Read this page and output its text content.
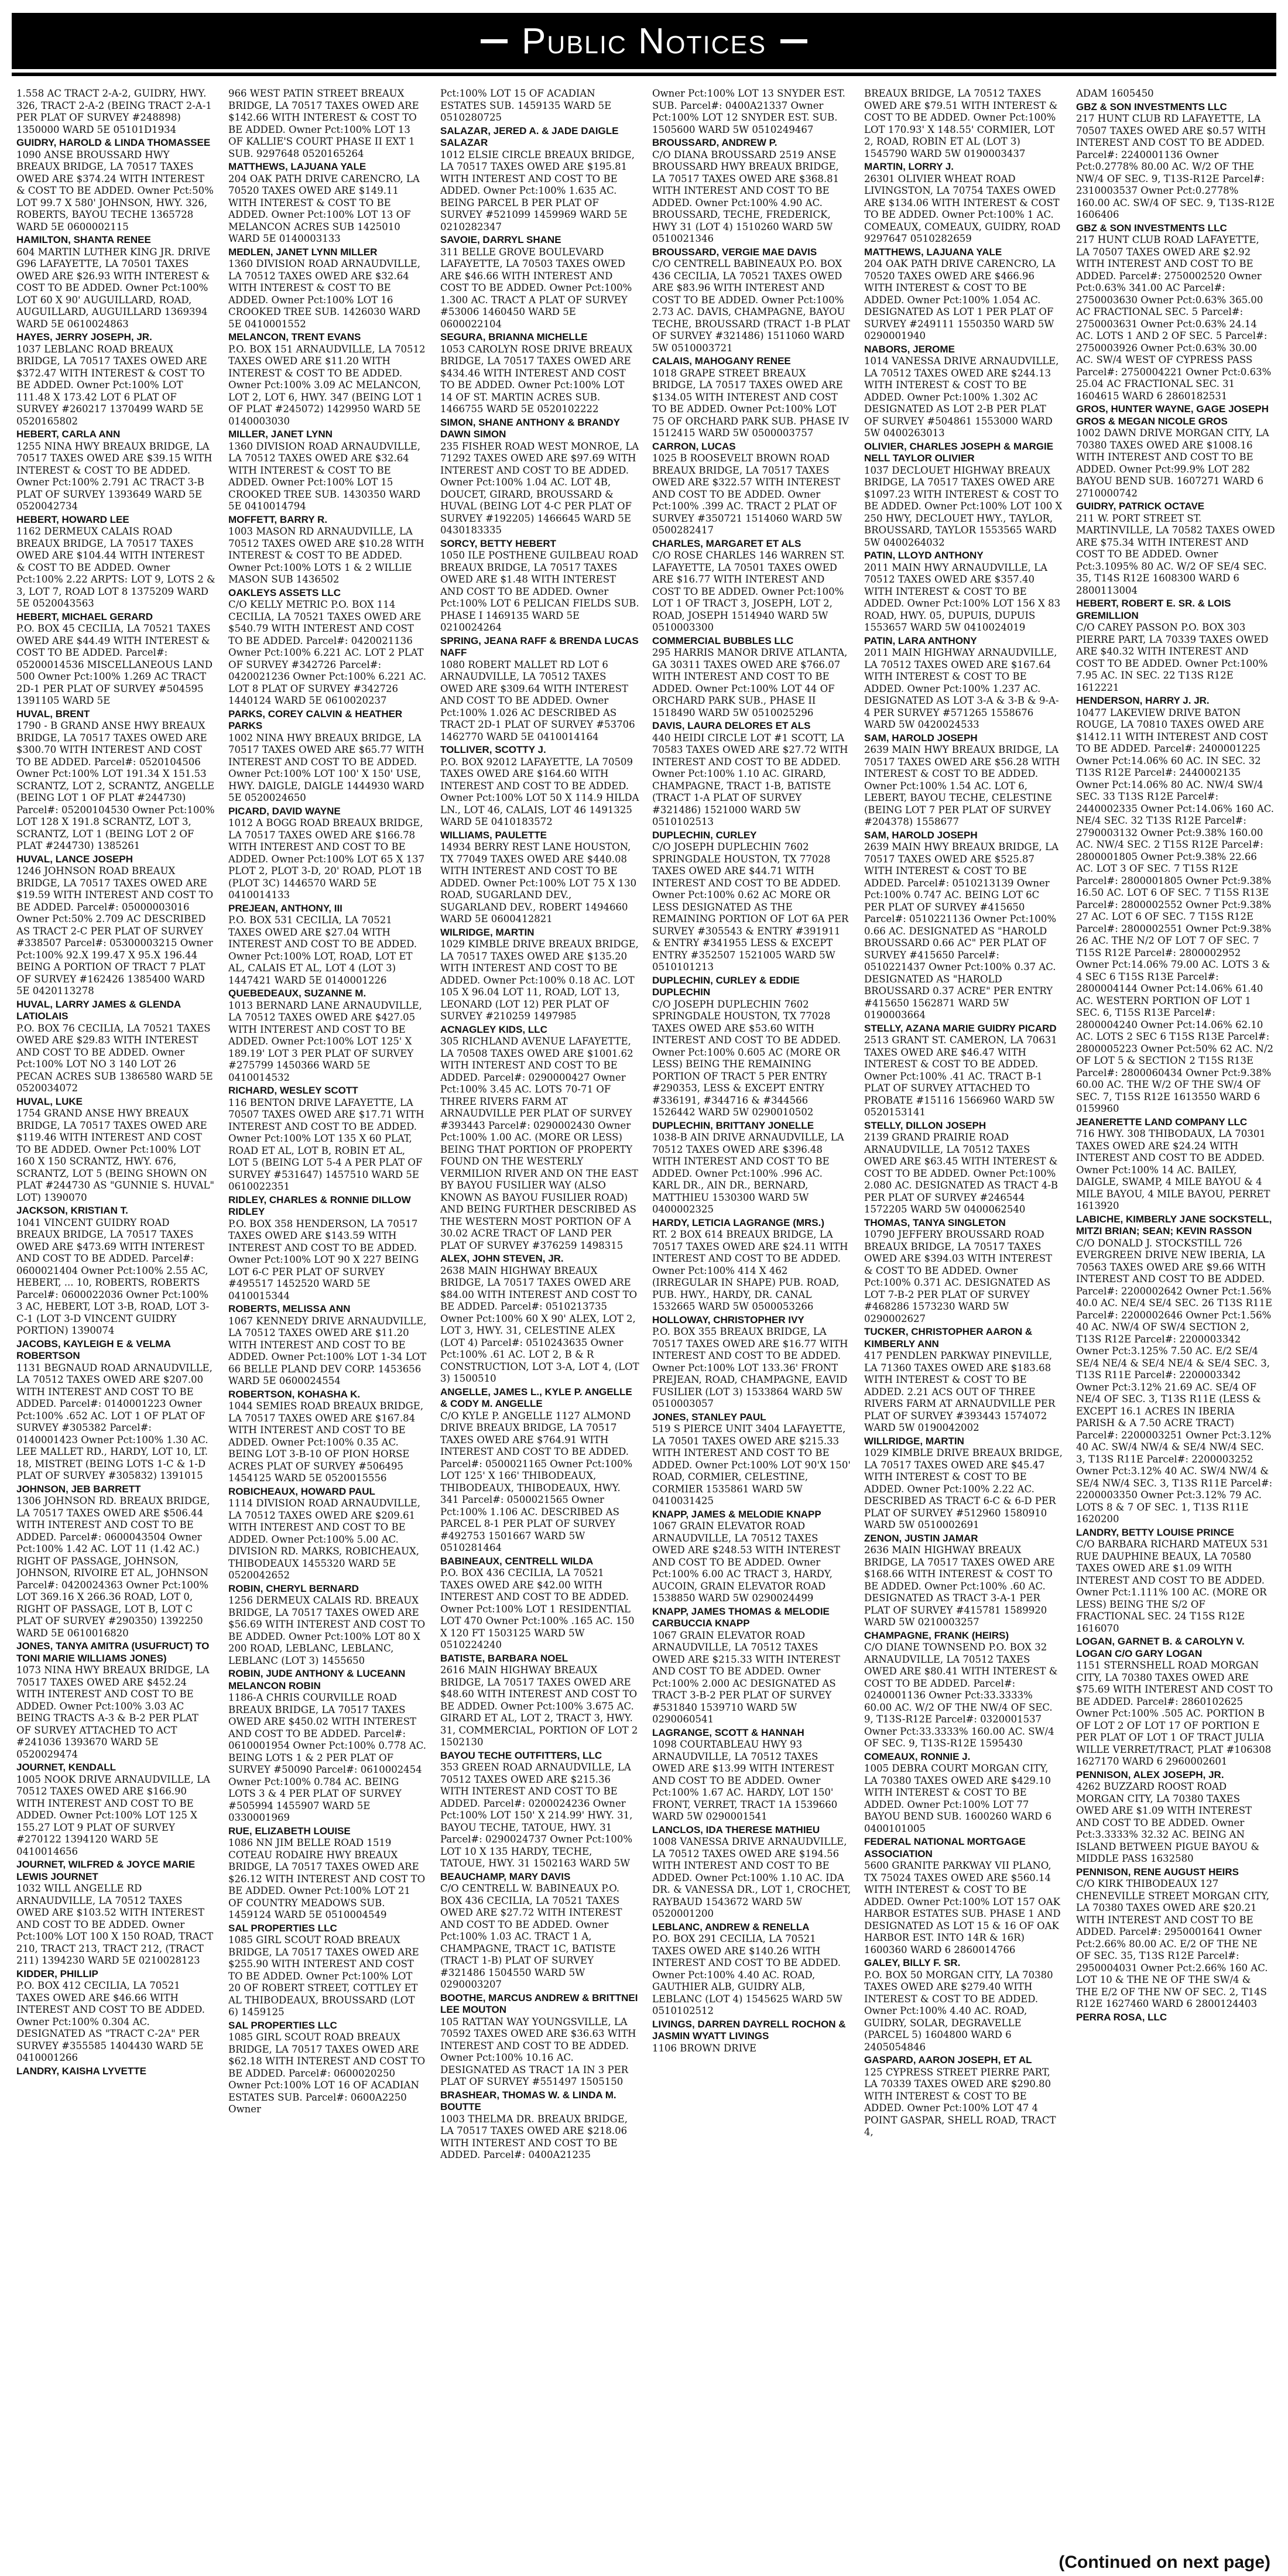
Public Notices
1.558 AC TRACT 2-A-2, GUIDRY, HWY. 326, TRACT 2-A-2 (BEING TRACT 2-A-1 PER PLAT OF SURVEY #248898) 1350000 WARD 5E 05101D1934
GUIDRY, HAROLD & LINDA THOMASSEE
1090 ANSE BROUSSARD HWY BREAUX BRIDGE, LA 70517 TAXES OWED ARE $374.24 WITH INTEREST & COST TO BE ADDED. Owner Pct:50% LOT 99.7 X 580' JOHNSON, HWY. 326, ROBERTS, BAYOU TECHE 1365728 WARD 5E 0600002115
HAMILTON, SHANTA RENEE
604 MARTIN LUTHER KING JR. DRIVE G96 LAFAYETTE, LA 70501 TAXES OWED ARE $26.93 WITH INTEREST & COST TO BE ADDED. Owner Pct:100% LOT 60 X 90' AUGUILLARD, ROAD, AUGUILLARD, AUGUILLARD 1369394 WARD 5E 0610024863
HAYES, JERRY JOSEPH, JR.
1037 LEBLANC ROAD BREAUX BRIDGE, LA 70517 TAXES OWED ARE $372.47 WITH INTEREST & COST TO BE ADDED. Owner Pct:100% LOT 111.48 X 173.42 LOT 6 PLAT OF SURVEY #260217 1370499 WARD 5E 0520165802
HEBERT, CARLA ANN
1255 NINA HWY BREAUX BRIDGE, LA 70517 TAXES OWED ARE $39.15 WITH INTEREST & COST TO BE ADDED. Owner Pct:100% 2.791 AC TRACT 3-B PLAT OF SURVEY 1393649 WARD 5E 0520042734
HEBERT, HOWARD LEE
1162 DERMEUX CALAIS ROAD BREAUX BRIDGE, LA 70517 TAXES OWED ARE $104.44 WITH INTEREST & COST TO BE ADDED. Owner Pct:100% 2.22 ARPTS: LOT 9, LOTS 2 & 3, LOT 7, ROAD LOT 8 1375209 WARD 5E 0520043563
HEBERT, MICHAEL GERARD
P.O. BOX 45 CECILIA, LA 70521 TAXES OWED ARE $44.49 WITH INTEREST & COST TO BE ADDED. Parcel#: 05200014536 MISCELLANEOUS LAND 500 Owner Pct:100% 1.269 AC TRACT 2D-1 PER PLAT OF SURVEY #504595 1391105 WARD 5E
HUVAL, BRENT
1790 - B GRAND ANSE HWY BREAUX BRIDGE, LA 70517 TAXES OWED ARE $300.70 WITH INTEREST AND COST TO BE ADDED. Parcel#: 0520104506 Owner Pct:100% LOT 191.34 X 151.53 SCRANTZ, LOT 2, SCRANTZ, ANGELLE (BEING LOT 1 OF PLAT #244730) Parcel#: 05200104530 Owner Pct:100% LOT 128 X 191.8 SCRANTZ, LOT 3, SCRANTZ, LOT 1 (BEING LOT 2 OF PLAT #244730) 1385261
HUVAL, LANCE JOSEPH
1246 JOHNSON ROAD BREAUX BRIDGE, LA 70517 TAXES OWED ARE $19.59 WITH INTEREST AND COST TO BE ADDED. Parcel#: 05000003016 Owner Pct:50% 2.709 AC DESCRIBED AS TRACT 2-C PER PLAT OF SURVEY #338507 Parcel#: 05300003215 Owner Pct:100% 92.X 199.47 X 95.X 196.44 BEING A PORTION OF TRACT 7 PLAT OF SURVEY #162426 1385400 WARD 5E 0420113278
HUVAL, LARRY JAMES & GLENDA LATIOLAIS
P.O. BOX 76 CECILIA, LA 70521 TAXES OWED ARE $29.83 WITH INTEREST AND COST TO BE ADDED. Owner Pct:100% LOT NO 3 140 LOT 26 PECAN ACRES SUB 1386580 WARD 5E 0520034072
HUVAL, LUKE
1754 GRAND ANSE HWY BREAUX BRIDGE, LA 70517 TAXES OWED ARE $119.46 WITH INTEREST AND COST TO BE ADDED. Owner Pct:100% LOT 160 X 150 SCRANTZ, HWY. 676, SCRANTZ, LOT 5 (BEING SHOWN ON PLAT #244730 AS "GUNNIE S. HUVAL" LOT) 1390070
JACKSON, KRISTIAN T.
1041 VINCENT GUIDRY ROAD BREAUX BRIDGE, LA 70517 TAXES OWED ARE $473.69 WITH INTEREST AND COST TO BE ADDED. Parcel#: 0600021404 Owner Pct:100% 2.55 AC, HEBERT, ... 10, ROBERTS, ROBERTS Parcel#: 0600022036 Owner Pct:100% 3 AC, HEBERT, LOT 3-B, ROAD, LOT 3-C-1 (LOT 3-D VINCENT GUIDRY PORTION) 1390074
JACOBS, KAYLEIGH E & VELMA ROBERTSON
1131 BEGNAUD ROAD ARNAUDVILLE, LA 70512 TAXES OWED ARE $207.00 WITH INTEREST AND COST TO BE ADDED. Parcel#: 0140001223 Owner Pct:100% .652 AC. LOT 1 OF PLAT OF SURVEY #305382 Parcel#: 0140001423 Owner Pct:100% 1.30 AC. LEE MALLET RD., HARDY, LOT 10, LT. 18, MISTRET (BEING LOTS 1-C & 1-D PLAT OF SURVEY #305832) 1391015
JOHNSON, JEB BARRETT
1306 JOHNSON RD. BREAUX BRIDGE, LA 70517 TAXES OWED ARE $506.44 WITH INTEREST AND COST TO BE ADDED. Parcel#: 0600043504 Owner Pct:100% 1.42 AC. LOT 11 (1.42 AC.) RIGHT OF PASSAGE, JOHNSON, JOHNSON, RIVOIRE ET AL, JOHNSON Parcel#: 0420024363 Owner Pct:100% LOT 369.16 X 266.36 ROAD, LOT 0, RIGHT OF PASSAGE, LOT B, LOT C PLAT OF SURVEY #290350) 1392250 WARD 5E 0610016820
JONES, TANYA AMITRA (USUFRUCT) TO TONI MARIE WILLIAMS JONES)
1073 NINA HWY BREAUX BRIDGE, LA 70517 TAXES OWED ARE $452.24 WITH INTEREST AND COST TO BE ADDED. Owner Pct:100% 3.03 AC BEING TRACTS A-3 & B-2 PER PLAT OF SURVEY ATTACHED TO ACT #241036 1393670 WARD 5E 0520029474
JOURNET, KENDALL
1005 NOOK DRIVE ARNAUDVILLE, LA 70512 TAXES OWED ARE $166.90 WITH INTEREST AND COST TO BE ADDED. Owner Pct:100% LOT 125 X 155.27 LOT 9 PLAT OF SURVEY #270122 1394120 WARD 5E 0410014656
JOURNET, WILFRED & JOYCE MARIE LEWIS JOURNET
1032 WILL ANGELLE RD ARNAUDVILLE, LA 70512 TAXES OWED ARE $103.52 WITH INTEREST AND COST TO BE ADDED. Owner Pct:100% LOT 100 X 150 ROAD, TRACT 210, TRACT 213, TRACT 212, (TRACT 211) 1394230 WARD 5E 0210028123
KIDDER, PHILLIP
P.O. BOX 412 CECILIA, LA 70521 TAXES OWED ARE $46.66 WITH INTEREST AND COST TO BE ADDED. Owner Pct:100% 0.304 AC. DESIGNATED AS "TRACT C-2A" PER SURVEY #355585 1404430 WARD 5E 0410001266
LANDRY, KAISHA LYVETTE
966 WEST PATIN STREET BREAUX BRIDGE, LA 70517 TAXES OWED ARE $142.66 WITH INTEREST & COST TO BE ADDED. Owner Pct:100% LOT 13 OF KALLIE'S COURT PHASE II EXT 1 SUB. 9297648 0520165264
MATTHEWS, LAJUANA YALE
204 OAK PATH DRIVE CARENCRO, LA 70520 TAXES OWED ARE $149.11 WITH INTEREST & COST TO BE ADDED. Owner Pct:100% LOT 13 OF MELANCON ACRES SUB 1425010 WARD 5E 0140003133
MEDLEN, JANET LYNN MILLER
1360 DIVISION ROAD ARNAUDVILLE, LA 70512 TAXES OWED ARE $32.64 WITH INTEREST & COST TO BE ADDED. Owner Pct:100% LOT 16 CROOKED TREE SUB. 1426030 WARD 5E 0410001552
MELANCON, TRENT EVANS
P.O. BOX 151 ARNAUDVILLE, LA 70512 TAXES OWED ARE $11.20 WITH INTEREST & COST TO BE ADDED. Owner Pct:100% 3.09 AC MELANCON, LOT 2, LOT 6, HWY. 347 (BEING LOT 1 OF PLAT #245072) 1429950 WARD 5E 0140003030
MILLER, JANET LYNN
1360 DIVISION ROAD ARNAUDVILLE, LA 70512 TAXES OWED ARE $32.64 WITH INTEREST & COST TO BE ADDED. Owner Pct:100% LOT 15 CROOKED TREE SUB. 1430350 WARD 5E 0410014794
MOFFETT, BARRY R.
1003 MASON RD ARNAUDVILLE, LA 70512 TAXES OWED ARE $10.28 WITH INTEREST & COST TO BE ADDED. Owner Pct:100% LOTS 1 & 2 WILLIE MASON SUB 1436502
OAKLEYS ASSETS LLC
C/O KELLY METRIC P.O. BOX 114 CECILIA, LA 70521 TAXES OWED ARE $540.79 WITH INTEREST AND COST TO BE ADDED. Parcel#: 0420021136 Owner Pct:100% 6.221 AC. LOT 2 PLAT OF SURVEY #342726 Parcel#: 0420021236 Owner Pct:100% 6.221 AC. LOT 8 PLAT OF SURVEY #342726 1440124 WARD 5E 0610020237
PARKS, COREY CALVIN & HEATHER PARKS
1002 NINA HWY BREAUX BRIDGE, LA 70517 TAXES OWED ARE $65.77 WITH INTEREST AND COST TO BE ADDED. Owner Pct:100% LOT 100' X 150' USE, HWY. DAIGLE, DAIGLE 1444930 WARD 5E 0520024650
PICARD, DAVID WAYNE
1012 A BOGG ROAD BREAUX BRIDGE, LA 70517 TAXES OWED ARE $166.78 WITH INTEREST AND COST TO BE ADDED. Owner Pct:100% LOT 65 X 137 PLOT 2, PLOT 3-D, 20' ROAD, PLOT 1B (PLOT 3C) 1446570 WARD 5E 0410014133
PREJEAN, ANTHONY, III
P.O. BOX 531 CECILIA, LA 70521 TAXES OWED ARE $27.04 WITH INTEREST AND COST TO BE ADDED. Owner Pct:100% LOT, ROAD, LOT ET AL, CALAIS ET AL, LOT 4 (LOT 3) 1447421 WARD 5E 0140001226
QUEBEDEAUX, SUZANNE M.
1013 BERNARD LANE ARNAUDVILLE, LA 70512 TAXES OWED ARE $427.05 WITH INTEREST AND COST TO BE ADDED. Owner Pct:100% LOT 125' X 189.19' LOT 3 PER PLAT OF SURVEY #275799 1450366 WARD 5E 0410014532
RICHARD, WESLEY SCOTT
116 BENTON DRIVE LAFAYETTE, LA 70507 TAXES OWED ARE $17.71 WITH INTEREST AND COST TO BE ADDED. Owner Pct:100% LOT 135 X 60 PLAT, ROAD ET AL, LOT B, ROBIN ET AL, LOT 5 (BEING LOT 5-4 A PER PLAT OF SURVEY #531647) 1457510 WARD 5E 0610022351
RIDLEY, CHARLES & RONNIE DILLOW RIDLEY
P.O. BOX 358 HENDERSON, LA 70517 TAXES OWED ARE $143.59 WITH INTEREST AND COST TO BE ADDED. Owner Pct:100% LOT 90 X 227 BEING LOT 6-C PER PLAT OF SURVEY #495517 1452520 WARD 5E 0410015344
ROBERTS, MELISSA ANN
1067 KENNEDY DRIVE ARNAUDVILLE, LA 70512 TAXES OWED ARE $11.20 WITH INTEREST AND COST TO BE ADDED. Owner Pct:100% LOT 1-34 LOT 66 BELLE PLAND DEV CORP. 1453656 WARD 5E 0600024554
ROBERTSON, KOHASHA K.
1044 SEMIES ROAD BREAUX BRIDGE, LA 70517 TAXES OWED ARE $167.84 WITH INTEREST AND COST TO BE ADDED. Owner Pct:100% 0.35 AC. BEING LOT 3-B-10 OF PION HORSE ACRES PLAT OF SURVEY #506495 1454125 WARD 5E 0520015556
ROBICHEAUX, HOWARD PAUL
1114 DIVISION ROAD ARNAUDVILLE, LA 70512 TAXES OWED ARE $209.61 WITH INTEREST AND COST TO BE ADDED. Owner Pct:100% 5.00 AC. DIVISION RD. MARKS, ROBICHEAUX, THIBODEAUX 1455320 WARD 5E 0520042652
ROBIN, CHERYL BERNARD
1256 DERMEUX CALAIS RD. BREAUX BRIDGE, LA 70517 TAXES OWED ARE $56.69 WITH INTEREST AND COST TO BE ADDED. Owner Pct:100% LOT 80 X 200 ROAD, LEBLANC, LEBLANC, LEBLANC (LOT 3) 1455650
ROBIN, JUDE ANTHONY & LUCEANN MELANCON ROBIN
1186-A CHRIS COURVILLE ROAD BREAUX BRIDGE, LA 70517 TAXES OWED ARE $450.02 WITH INTEREST AND COST TO BE ADDED. Parcel#: 0610001954 Owner Pct:100% 0.778 AC. BEING LOTS 1 & 2 PER PLAT OF SURVEY #50090 Parcel#: 0610002454 Owner Pct:100% 0.784 AC. BEING LOTS 3 & 4 PER PLAT OF SURVEY #505994 1455907 WARD 5E 0330001969
RUE, ELIZABETH LOUISE
1086 NN JIM BELLE ROAD 1519 COTEAU RODAIRE HWY BREAUX BRIDGE, LA 70517 TAXES OWED ARE $26.12 WITH INTEREST AND COST TO BE ADDED. Owner Pct:100% LOT 21 OF COUNTRY MEADOWS SUB. 1459124 WARD 5E 0510004549
SAL PROPERTIES LLC
1085 GIRL SCOUT ROAD BREAUX BRIDGE, LA 70517 TAXES OWED ARE $255.90 WITH INTEREST AND COST TO BE ADDED. Owner Pct:100% LOT 20 OF ROBERT STREET, COTTLEY ET AL THIBODEAUX, BROUSSARD (LOT 6) 1459125
SAL PROPERTIES LLC
1085 GIRL SCOUT ROAD BREAUX BRIDGE, LA 70517 TAXES OWED ARE $62.18 WITH INTEREST AND COST TO BE ADDED. Parcel#: 0600020250 Owner Pct:100% LOT 16 OF ACADIAN ESTATES SUB. Parcel#: 0600A2250 Owner
Pct:100% LOT 15 OF ACADIAN ESTATES SUB. 1459135 WARD 5E 0510280725
SALAZAR, JERED A. & JADE DAIGLE SALAZAR
1012 ELSIE CIRCLE BREAUX BRIDGE, LA 70517 TAXES OWED ARE $195.81 WITH INTEREST AND COST TO BE ADDED. Owner Pct:100% 1.635 AC. BEING PARCEL B PER PLAT OF SURVEY #521099 1459969 WARD 5E 0210282347
SAVOIE, DARRYL SHANE
311 BELLE GROVE BOULEVARD LAFAYETTE, LA 70503 TAXES OWED ARE $46.66 WITH INTEREST AND COST TO BE ADDED. Owner Pct:100% 1.300 AC. TRACT A PLAT OF SURVEY #53006 1460450 WARD 5E 0600022104
SEGURA, BRIANNA MICHELLE
1053 CAROLYN ROSE DRIVE BREAUX BRIDGE, LA 70517 TAXES OWED ARE $434.46 WITH INTEREST AND COST TO BE ADDED. Owner Pct:100% LOT 14 OF ST. MARTIN ACRES SUB. 1466755 WARD 5E 0520102222
SIMON, SHANE ANTHONY & BRANDY DAWN SIMON
235 FISHER ROAD WEST MONROE, LA 71292 TAXES OWED ARE $97.69 WITH INTEREST AND COST TO BE ADDED. Owner Pct:100% 1.04 AC. LOT 4B, DOUCET, GIRARD, BROUSSARD & HUVAL (BEING LOT 4-C PER PLAT OF SURVEY #192205) 1466645 WARD 5E 0430183335
SORCY, BETTY HEBERT
1050 ILE POSTHENE GUILBEAU ROAD BREAUX BRIDGE, LA 70517 TAXES OWED ARE $1.48 WITH INTEREST AND COST TO BE ADDED. Owner Pct:100% LOT 6 PELICAN FIELDS SUB. PHASE I 1469135 WARD 5E 0210024264
SPRING, JEANA RAFF & BRENDA LUCAS NAFF
1080 ROBERT MALLET RD LOT 6 ARNAUDVILLE, LA 70512 TAXES OWED ARE $309.64 WITH INTEREST AND COST TO BE ADDED. Owner Pct:100% 1.026 AC DESCRIBED AS TRACT 2D-1 PLAT OF SURVEY #53706 1462770 WARD 5E 0410014164
TOLLIVER, SCOTTY J.
P.O. BOX 92012 LAFAYETTE, LA 70509 TAXES OWED ARE $164.60 WITH INTEREST AND COST TO BE ADDED. Owner Pct:100% LOT 50 X 114.9 HILDA LN., LOT 46, CALAIS, LOT 46 1491325 WARD 5E 0410183572
WILLIAMS, PAULETTE
14934 BERRY REST LANE HOUSTON, TX 77049 TAXES OWED ARE $440.08 WITH INTEREST AND COST TO BE ADDED. Owner Pct:100% LOT 75 X 130 ROAD, SUGARLAND DEV., SUGARLAND DEV., ROBERT 1494660 WARD 5E 0600412821
WILRIDGE, MARTIN
1029 KIMBLE DRIVE BREAUX BRIDGE, LA 70517 TAXES OWED ARE $135.20 WITH INTEREST AND COST TO BE ADDED. Owner Pct:100% 0.18 AC. LOT 105 X 96.04 LOT 11, ROAD, LOT 13, LEONARD (LOT 12) PER PLAT OF SURVEY #210259 1497985
ACNAGLEY KIDS, LLC
305 RICHLAND AVENUE LAFAYETTE, LA 70508 TAXES OWED ARE $1001.62 WITH INTEREST AND COST TO BE ADDED. Parcel#: 0290000427 Owner Pct:100% 3.45 AC. LOTS 70-71 OF THREE RIVERS FARM AT ARNAUDVILLE PER PLAT OF SURVEY #393443 Parcel#: 0290002430 Owner Pct:100% 1.00 AC. (MORE OR LESS) BEING THAT PORTION OF PROPERTY FOUND ON THE WESTERLY VERMILION RIVER AND ON THE EAST BY BAYOU FUSILIER WAY (ALSO KNOWN AS BAYOU FUSILIER ROAD) AND BEING FURTHER DESCRIBED AS THE WESTERN MOST PORTION OF A 30.02 ACRE TRACT OF LAND PER PLAT OF SURVEY #376259 1498315
ALEX, JOHN STEVEN, JR.
2638 MAIN HIGHWAY BREAUX BRIDGE, LA 70517 TAXES OWED ARE $84.00 WITH INTEREST AND COST TO BE ADDED. Parcel#: 0510213735 Owner Pct:100% 60 X 90' ALEX, LOT 2, LOT 3, HWY. 31, CELESTINE ALEX (LOT 4) Parcel#: 0510243635 Owner Pct:100% .61 AC. LOT 2, B & R CONSTRUCTION, LOT 3-A, LOT 4, (LOT 3) 1500510
ANGELLE, JAMES L., KYLE P. ANGELLE & CODY M. ANGELLE
C/O KYLE P. ANGELLE 1127 ALMOND DRIVE BREAUX BRIDGE, LA 70517 TAXES OWED ARE $764.91 WITH INTEREST AND COST TO BE ADDED. Parcel#: 0500021165 Owner Pct:100% LOT 125' X 166' THIBODEAUX, THIBODEAUX, THIBODEAUX, HWY. 341 Parcel#: 0500021565 Owner Pct:100% 1.106 AC. DESCRIBED AS PARCEL 8-1 PER PLAT OF SURVEY #492753 1501667 WARD 5W 0510281464
BABINEAUX, CENTRELL WILDA
P.O. BOX 436 CECILIA, LA 70521 TAXES OWED ARE $42.00 WITH INTEREST AND COST TO BE ADDED. Owner Pct:100% LOT 1 RESIDENTIAL LOT 470 Owner Pct:100% .165 AC. 150 X 120 FT 1503125 WARD 5W 0510224240
BATISTE, BARBARA NOEL
2616 MAIN HIGHWAY BREAUX BRIDGE, LA 70517 TAXES OWED ARE $48.60 WITH INTEREST AND COST TO BE ADDED. Owner Pct:100% 3.675 AC. GIRARD ET AL, LOT 2, TRACT 3, HWY. 31, COMMERCIAL, PORTION OF LOT 2 1502130
BAYOU TECHE OUTFITTERS, LLC
353 GREEN ROAD ARNAUDVILLE, LA 70512 TAXES OWED ARE $215.36 WITH INTEREST AND COST TO BE ADDED. Parcel#: 0200024236 Owner Pct:100% LOT 150' X 214.99' HWY. 31, BAYOU TECHE, TATOUE, HWY. 31 Parcel#: 0290024737 Owner Pct:100% LOT 10 X 135 HARDY, TECHE, TATOUE, HWY. 31 1502163 WARD 5W
BEAUCHAMP, MARY DAVIS
C/O CENTRELL W. BABINEAUX P.O. BOX 436 CECILIA, LA 70521 TAXES OWED ARE $27.72 WITH INTEREST AND COST TO BE ADDED. Owner Pct:100% 1.03 AC. TRACT 1 A, CHAMPAGNE, TRACT 1C, BATISTE (TRACT 1-B) PLAT OF SURVEY #321486 1504550 WARD 5W 0290003207
BOOTHE, MARCUS ANDREW & BRITTNEI LEE MOUTON
105 RATTAN WAY YOUNGSVILLE, LA 70592 TAXES OWED ARE $36.63 WITH INTEREST AND COST TO BE ADDED. Owner Pct:100% 10.16 AC. DESIGNATED AS TRACT 1A IN 3 PER PLAT OF SURVEY #551497 1505150
BRASHEAR, THOMAS W. & LINDA M. BOUTTE
1003 THELMA DR. BREAUX BRIDGE, LA 70517 TAXES OWED ARE $218.06 WITH INTEREST AND COST TO BE ADDED. Parcel#: 0400A21235
Owner Pct:100% LOT 13 SNYDER EST. SUB. Parcel#: 0400A21337 Owner Pct:100% LOT 12 SNYDER EST. SUB. 1505600 WARD 5W 0510249467
BROUSSARD, ANDREW P.
C/O DIANA BROUSSARD 2519 ANSE BROUSSARD HWY BREAUX BRIDGE, LA 70517 TAXES OWED ARE $368.81 WITH INTEREST AND COST TO BE ADDED. Owner Pct:100% 4.90 AC. BROUSSARD, TECHE, FREDERICK, HWY 31 (LOT 4) 1510260 WARD 5W 0510021346
BROUSSARD, VERGIE MAE DAVIS
C/O CENTRELL BABINEAUX P.O. BOX 436 CECILIA, LA 70521 TAXES OWED ARE $83.96 WITH INTEREST AND COST TO BE ADDED. Owner Pct:100% 2.73 AC. DAVIS, CHAMPAGNE, BAYOU TECHE, BROUSSARD (TRACT 1-B PLAT OF SURVEY #321486) 1511060 WARD 5W 0510003721
CALAIS, MAHOGANY RENEE
1018 GRAPE STREET BREAUX BRIDGE, LA 70517 TAXES OWED ARE $134.05 WITH INTEREST AND COST TO BE ADDED. Owner Pct:100% LOT 75 OF ORCHARD PARK SUB. PHASE IV 1512415 WARD 5W 0500003757
CARRON, LUCAS
1025 B ROOSEVELT BROWN ROAD BREAUX BRIDGE, LA 70517 TAXES OWED ARE $322.57 WITH INTEREST AND COST TO BE ADDED. Owner Pct:100% .399 AC. TRACT 2 PLAT OF SURVEY #350721 1514060 WARD 5W 0500282417
CHARLES, MARGARET ET ALS
C/O ROSE CHARLES 146 WARREN ST. LAFAYETTE, LA 70501 TAXES OWED ARE $16.77 WITH INTEREST AND COST TO BE ADDED. Owner Pct:100% LOT 1 OF TRACT 3, JOSEPH, LOT 2, ROAD, JOSEPH 1514940 WARD 5W 0510003300
COMMERCIAL BUBBLES LLC
295 HARRIS MANOR DRIVE ATLANTA, GA 30311 TAXES OWED ARE $766.07 WITH INTEREST AND COST TO BE ADDED. Owner Pct:100% LOT 44 OF ORCHARD PARK SUB., PHASE II 1518490 WARD 5W 0510025296
DAVIS, LAURA DELORES ET ALS
440 HEIDI CIRCLE LOT #1 SCOTT, LA 70583 TAXES OWED ARE $27.72 WITH INTEREST AND COST TO BE ADDED. Owner Pct:100% 1.10 AC. GIRARD, CHAMPAGNE, TRACT 1-B, BATISTE (TRACT 1-A PLAT OF SURVEY #321486) 1521000 WARD 5W 0510102513
DUPLECHIN, CURLEY
C/O JOSEPH DUPLECHIN 7602 SPRINGDALE HOUSTON, TX 77028 TAXES OWED ARE $44.71 WITH INTEREST AND COST TO BE ADDED. Owner Pct:100% 0.62 AC MORE OR LESS DESIGNATED AS THE REMAINING PORTION OF LOT 6A PER SURVEY #305543 & ENTRY #391911 & ENTRY #341955 LESS & EXCEPT ENTRY #352507 1521005 WARD 5W 0510101213
DUPLECHIN, CURLEY & EDDIE DUPLECHIN
C/O JOSEPH DUPLECHIN 7602 SPRINGDALE HOUSTON, TX 77028 TAXES OWED ARE $53.60 WITH INTEREST AND COST TO BE ADDED. Owner Pct:100% 0.605 AC (MORE OR LESS) BEING THE REMAINING PORTION OF TRACT 5 PER ENTRY #290353, LESS & EXCEPT ENTRY #336191, #344716 & #344566 1526442 WARD 5W 0290010502
DUPLECHIN, BRITTANY JONELLE
1038-B AIN DRIVE ARNAUDVILLE, LA 70512 TAXES OWED ARE $396.48 WITH INTEREST AND COST TO BE ADDED. Owner Pct:100% .996 AC. KARL DR., AIN DR., BERNARD, MATTHIEU 1530300 WARD 5W 0400002325
HARDY, LETICIA LAGRANGE (MRS.)
RT. 2 BOX 614 BREAUX BRIDGE, LA 70517 TAXES OWED ARE $24.11 WITH INTEREST AND COST TO BE ADDED. Owner Pct:100% 414 X 462 (IRREGULAR IN SHAPE) PUB. ROAD, PUB. HWY., HARDY, DR. CANAL 1532665 WARD 5W 0500053266
HOLLOWAY, CHRISTOPHER IVY
P.O. BOX 355 BREAUX BRIDGE, LA 70517 TAXES OWED ARE $16.77 WITH INTEREST AND COST TO BE ADDED. Owner Pct:100% LOT 133.36' FRONT PREJEAN, ROAD, CHAMPAGNE, EAVID FUSILIER (LOT 3) 1533864 WARD 5W 0510003057
JONES, STANLEY PAUL
519 S PIERCE UNIT 3404 LAFAYETTE, LA 70501 TAXES OWED ARE $215.33 WITH INTEREST AND COST TO BE ADDED. Owner Pct:100% LOT 90'X 150' ROAD, CORMIER, CELESTINE, CORMIER 1535861 WARD 5W 0410031425
KNAPP, JAMES & MELODIE KNAPP
1067 GRAIN ELEVATOR ROAD ARNAUDVILLE, LA 70512 TAXES OWED ARE $248.53 WITH INTEREST AND COST TO BE ADDED. Owner Pct:100% 6.00 AC TRACT 3, HARDY, AUCOIN, GRAIN ELEVATOR ROAD 1538850 WARD 5W 0290024499
KNAPP, JAMES THOMAS & MELODIE CARBUCCIA KNAPP
1067 GRAIN ELEVATOR ROAD ARNAUDVILLE, LA 70512 TAXES OWED ARE $215.33 WITH INTEREST AND COST TO BE ADDED. Owner Pct:100% 2.000 AC DESIGNATED AS TRACT 3-B-2 PER PLAT OF SURVEY #531840 1539710 WARD 5W 0290060541
LAGRANGE, SCOTT & HANNAH
1098 COURTABLEAU HWY 93 ARNAUDVILLE, LA 70512 TAXES OWED ARE $13.99 WITH INTEREST AND COST TO BE ADDED. Owner Pct:100% 1.67 AC. HARDY, LOT 150' FRONT, VERRET, TRACT 1A 1539660 WARD 5W 0290001541
LANCLOS, IDA THERESE MATHIEU
1008 VANESSA DRIVE ARNAUDVILLE, LA 70512 TAXES OWED ARE $194.56 WITH INTEREST AND COST TO BE ADDED. Owner Pct:100% 1.10 AC. IDA DR. & VANESSA DR., LOT 1, CROCHET, RAYBAUD 1543672 WARD 5W 0520001200
LEBLANC, ANDREW & RENELLA
P.O. BOX 291 CECILIA, LA 70521 TAXES OWED ARE $140.26 WITH INTEREST AND COST TO BE ADDED. Owner Pct:100% 4.40 AC. ROAD, GAUTHIER ALB, GUIDRY ALB, LEBLANC (LOT 4) 1545625 WARD 5W 0510102512
LIVINGS, DARREN DAYRELL ROCHON & JASMIN WYATT LIVINGS
1106 BROWN DRIVE
BREAUX BRIDGE, LA 70512 TAXES OWED ARE $79.51 WITH INTEREST & COST TO BE ADDED. Owner Pct:100% LOT 170.93' X 148.55' CORMIER, LOT 2, ROAD, ROBIN ET AL (LOT 3) 1545790 WARD 5W 0190003437
MARTIN, LORRY J.
26301 OLIVIER WHEAT ROAD LIVINGSTON, LA 70754 TAXES OWED ARE $134.06 WITH INTEREST & COST TO BE ADDED. Owner Pct:100% 1 AC. COMEAUX, COMEAUX, GUIDRY, ROAD 9297647 0510282659
MATTHEWS, LAJUANA YALE
204 OAK PATH DRIVE CARENCRO, LA 70520 TAXES OWED ARE $466.96 WITH INTEREST & COST TO BE ADDED. Owner Pct:100% 1.054 AC. DESIGNATED AS LOT 1 PER PLAT OF SURVEY #249111 1550350 WARD 5W 0290001940
NABORS, JEROME
1014 VANESSA DRIVE ARNAUDVILLE, LA 70512 TAXES OWED ARE $244.13 WITH INTEREST & COST TO BE ADDED. Owner Pct:100% 1.302 AC DESIGNATED AS LOT 2-B PER PLAT OF SURVEY #504861 1553000 WARD 5W 0400263013
OLIVIER, CHARLES JOSEPH & MARGIE NELL TAYLOR OLIVIER
1037 DECLOUET HIGHWAY BREAUX BRIDGE, LA 70517 TAXES OWED ARE $1097.23 WITH INTEREST & COST TO BE ADDED. Owner Pct:100% LOT 100 X 250 HWY, DECLOUET HWY., TAYLOR, BROUSSARD, TAYLOR 1553565 WARD 5W 0400264032
PATIN, LLOYD ANTHONY
2011 MAIN HWY ARNAUDVILLE, LA 70512 TAXES OWED ARE $357.40 WITH INTEREST & COST TO BE ADDED. Owner Pct:100% LOT 156 X 83 ROAD, HWY. 05, DUPUIS, DUPUIS 1553657 WARD 5W 0410024019
PATIN, LARA ANTHONY
2011 MAIN HIGHWAY ARNAUDVILLE, LA 70512 TAXES OWED ARE $167.64 WITH INTEREST & COST TO BE ADDED. Owner Pct:100% 1.237 AC. DESIGNATED AS LOT 3-A & 3-B & 9-A-4 PER SURVEY #571265 1558676 WARD 5W 0420024533
SAM, HAROLD JOSEPH
2639 MAIN HWY BREAUX BRIDGE, LA 70517 TAXES OWED ARE $56.28 WITH INTEREST & COST TO BE ADDED. Owner Pct:100% 1.54 AC. LOT 6, LEBERT, BAYOU TECHE, CELESTINE (BEING LOT 7 PER PLAT OF SURVEY #204378) 1558677
SAM, HAROLD JOSEPH
2639 MAIN HWY BREAUX BRIDGE, LA 70517 TAXES OWED ARE $525.87 WITH INTEREST & COST TO BE ADDED. Parcel#: 0510213139 Owner Pct:100% 0.747 AC. BEING LOT 6C PER PLAT OF SURVEY #415650 Parcel#: 0510221136 Owner Pct:100% 0.66 AC. DESIGNATED AS "HAROLD BROUSSARD 0.66 AC" PER PLAT OF SURVEY #415650 Parcel#: 0510221437 Owner Pct:100% 0.37 AC. DESIGNATED AS "HAROLD BROUSSARD 0.37 ACRE" PER ENTRY #415650 1562871 WARD 5W 0190003664
STELLY, AZANA MARIE GUIDRY PICARD
2513 GRANT ST. CAMERON, LA 70631 TAXES OWED ARE $46.47 WITH INTEREST & COST TO BE ADDED. Owner Pct:100% .41 AC. TRACT B-1 PLAT OF SURVEY ATTACHED TO PROBATE #15116 1566960 WARD 5W 0520153141
STELLY, DILLON JOSEPH
2139 GRAND PRAIRIE ROAD ARNAUDVILLE, LA 70512 TAXES OWED ARE $63.45 WITH INTEREST & COST TO BE ADDED. Owner Pct:100% 2.080 AC. DESIGNATED AS TRACT 4-B PER PLAT OF SURVEY #246544 1572205 WARD 5W 0400062540
THOMAS, TANYA SINGLETON
10790 JEFFERY BROUSSARD ROAD BREAUX BRIDGE, LA 70517 TAXES OWED ARE $394.03 WITH INTEREST & COST TO BE ADDED. Owner Pct:100% 0.371 AC. DESIGNATED AS LOT 7-B-2 PER PLAT OF SURVEY #468286 1573230 WARD 5W 0290002627
TUCKER, CHRISTOPHER AARON & KIMBERLY ANN
417 PENDLEN PARKWAY PINEVILLE, LA 71360 TAXES OWED ARE $183.68 WITH INTEREST & COST TO BE ADDED. 2.21 ACS OUT OF THREE RIVERS FARM AT ARNAUDVILLE PER PLAT OF SURVEY #393443 1574072 WARD 5W 0190042002
WILLRIDGE, MARTIN
1029 KIMBLE DRIVE BREAUX BRIDGE, LA 70517 TAXES OWED ARE $45.47 WITH INTEREST & COST TO BE ADDED. Owner Pct:100% 2.22 AC. DESCRIBED AS TRACT 6-C & 6-D PER PLAT OF SURVEY #512960 1580910 WARD 5W 0510002691
ZENON, JUSTIN JAMAR
2636 MAIN HIGHWAY BREAUX BRIDGE, LA 70517 TAXES OWED ARE $168.66 WITH INTEREST & COST TO BE ADDED. Owner Pct:100% .60 AC. DESIGNATED AS TRACT 3-A-1 PER PLAT OF SURVEY #415781 1589920 WARD 5W 0210003257
CHAMPAGNE, FRANK (HEIRS)
C/O DIANE TOWNSEND P.O. BOX 32 ARNAUDVILLE, LA 70512 TAXES OWED ARE $80.41 WITH INTEREST & COST TO BE ADDED. Parcel#: 0240001136 Owner Pct:33.3333% 60.00 AC. W/2 OF THE NW/4 OF SEC. 9, T13S-R12E Parcel#: 0320001537 Owner Pct:33.3333% 160.00 AC. SW/4 OF SEC. 9, T13S-R12E 1595430
COMEAUX, RONNIE J.
1005 DEBRA COURT MORGAN CITY, LA 70380 TAXES OWED ARE $429.10 WITH INTEREST & COST TO BE ADDED. Owner Pct:100% LOT 77 BAYOU BEND SUB. 1600260 WARD 6 0400101005
FEDERAL NATIONAL MORTGAGE ASSOCIATION
5600 GRANITE PARKWAY VII PLANO, TX 75024 TAXES OWED ARE $560.14 WITH INTEREST & COST TO BE ADDED. Owner Pct:100% LOT 157 OAK HARBOR ESTATES SUB. PHASE 1 AND DESIGNATED AS LOT 15 & 16 OF OAK HARBOR EST. INTO 14R & 16R) 1600360 WARD 6 2860014766
GALEY, BILLY F. SR.
P.O. BOX 50 MORGAN CITY, LA 70380 TAXES OWED ARE $279.40 WITH INTEREST & COST TO BE ADDED. Owner Pct:100% 4.40 AC. ROAD, GUIDRY, SOLAR, DEGRAVELLE (PARCEL 5) 1604800 WARD 6 2405054846
GASPARD, AARON JOSEPH, ET AL
125 CYPRESS STREET PIERRE PART, LA 70339 TAXES OWED ARE $290.80 WITH INTEREST & COST TO BE ADDED. Owner Pct:100% LOT 47 4 POINT GASPAR, SHELL ROAD, TRACT 4,
ADAM 1605450
GBZ & SON INVESTMENTS LLC
217 HUNT CLUB RD LAFAYETTE, LA 70507 TAXES OWED ARE $0.57 WITH INTEREST AND COST TO BE ADDED. Parcel#: 2240001136 Owner Pct:0.2778% 80.00 AC. W/2 OF THE NW/4 OF SEC. 9, T13S-R12E Parcel#: 2310003537 Owner Pct:0.2778% 160.00 AC. SW/4 OF SEC. 9, T13S-R12E 1606406
GBZ & SON INVESTMENTS LLC
217 HUNT CLUB ROAD LAFAYETTE, LA 70507 TAXES OWED ARE $2.92 WITH INTEREST AND COST TO BE ADDED. Parcel#: 2750002520 Owner Pct:0.63% 341.00 AC Parcel#: 2750003630 Owner Pct:0.63% 365.00 AC FRACTIONAL SEC. 5 Parcel#: 2750003631 Owner Pct:0.63% 24.14 AC. LOTS 1 AND 2 OF SEC. 5 Parcel#: 2750003926 Owner Pct:0.63% 30.00 AC. SW/4 WEST OF CYPRESS PASS Parcel#: 2750004221 Owner Pct:0.63% 25.04 AC FRACTIONAL SEC. 31 1604615 WARD 6 2860182531
GROS, HUNTER WAYNE, GAGE JOSEPH GROS & MEGAN NICOLE GROS
1002 DAWN DRIVE MORGAN CITY, LA 70380 TAXES OWED ARE $1008.16 WITH INTEREST AND COST TO BE ADDED. Owner Pct:99.9% LOT 282 BAYOU BEND SUB. 1607271 WARD 6 2710000742
GUIDRY, PATRICK OCTAVE
211 W. PORT STREET ST. MARTINVILLE, LA 70582 TAXES OWED ARE $75.34 WITH INTEREST AND COST TO BE ADDED. Owner Pct:3.1095% 80 AC. W/2 OF SE/4 SEC. 35, T14S R12E 1608300 WARD 6 2800113004
HEBERT, ROBERT E. SR. & LOIS GREMILLION
C/O CAREY PASSON P.O. BOX 303 PIERRE PART, LA 70339 TAXES OWED ARE $40.32 WITH INTEREST AND COST TO BE ADDED. Owner Pct:100% 7.95 AC. IN SEC. 22 T13S R12E 1612221
HENDERSON, HARRY J. JR.
10477 LAKEVIEW DRIVE BATON ROUGE, LA 70810 TAXES OWED ARE $1412.11 WITH INTEREST AND COST TO BE ADDED. Parcel#: 2400001225 Owner Pct:14.06% 60 AC. IN SEC. 32 T13S R12E Parcel#: 2440002135 Owner Pct:14.06% 80 AC. NW/4 SW/4 SEC. 33 T13S R12E Parcel#: 2440002335 Owner Pct:14.06% 160 AC. NE/4 SEC. 32 T13S R12E Parcel#: 2790003132 Owner Pct:9.38% 160.00 AC. NW/4 SEC. 2 T15S R12E Parcel#: 2800001805 Owner Pct:9.38% 22.66 AC. LOT 3 OF SEC. 7 T15S R12E Parcel#: 2800001805 Owner Pct:9.38% 16.50 AC. LOT 6 OF SEC. 7 T15S R13E Parcel#: 2800002552 Owner Pct:9.38% 27 AC. LOT 6 OF SEC. 7 T15S R12E Parcel#: 2800002551 Owner Pct:9.38% 26 AC. THE N/2 OF LOT 7 OF SEC. 7 T15S R12E Parcel#: 2800002952 Owner Pct:14.06% 79.00 AC. LOTS 3 & 4 SEC 6 T15S R13E Parcel#: 2800004144 Owner Pct:14.06% 61.40 AC. WESTERN PORTION OF LOT 1 SEC. 6, T15S R13E Parcel#: 2800004240 Owner Pct:14.06% 62.10 AC. LOTS 2 SEC 6 T15S R13E Parcel#: 2800005223 Owner Pct:50% 62 AC. N/2 OF LOT 5 & SECTION 2 T15S R13E Parcel#: 2800060434 Owner Pct:9.38% 60.00 AC. THE W/2 OF THE SW/4 OF SEC. 7, T15S R12E 1613550 WARD 6 0159960
JEANERETTE LAND COMPANY LLC
716 HWY. 308 THIBODAUX, LA 70301 TAXES OWED ARE $24.24 WITH INTEREST AND COST TO BE ADDED. Owner Pct:100% 14 AC. BAILEY, DAIGLE, SWAMP, 4 MILE BAYOU & 4 MILE BAYOU, 4 MILE BAYOU, PERRET 1613920
LABICHE, KIMBERLY JANE SOCKSTELL, MITZI BRIAN; SEAN; KEVIN RASSON
C/O DONALD J. STOCKSTILL 726 EVERGREEN DRIVE NEW IBERIA, LA 70563 TAXES OWED ARE $9.66 WITH INTEREST AND COST TO BE ADDED. Parcel#: 2200002642 Owner Pct:1.56% 40.0 AC. NE/4 SE/4 SEC. 26 T13S R11E Parcel#: 2200002646 Owner Pct:1.56% 40 AC. NW/4 OF SW/4 SECTION 2, T13S R12E Parcel#: 2200003342 Owner Pct:3.125% 7.50 AC. E/2 SE/4 SE/4 NE/4 & SE/4 NE/4 & SE/4 SEC. 3, T13S R11E Parcel#: 2200003342 Owner Pct:3.12% 21.69 AC. SE/4 OF NE/4 OF SEC. 3, T13S R11E (LESS & EXCEPT 16.1 ACRES IN IBERIA PARISH & A 7.50 ACRE TRACT) Parcel#: 2200003251 Owner Pct:3.12% 40 AC. SW/4 NW/4 & SE/4 NW/4 SEC. 3, T13S R11E Parcel#: 2200003252 Owner Pct:3.12% 40 AC. SW/4 NW/4 & SE/4 NW/4 SEC. 3, T13S R11E Parcel#: 2200003350 Owner Pct:3.12% 79 AC. LOTS 8 & 7 OF SEC. 1, T13S R11E 1620200
LANDRY, BETTY LOUISE PRINCE
C/O BARBARA RICHARD MATEUX 531 RUE DAUPHINE BEAUX, LA 70580 TAXES OWED ARE $1.09 WITH INTEREST AND COST TO BE ADDED. Owner Pct:1.111% 100 AC. (MORE OR LESS) BEING THE S/2 OF FRACTIONAL SEC. 24 T15S R12E 1616070
LOGAN, GARNET B. & CAROLYN V. LOGAN C/O GARY LOGAN
1151 STERNSHELL ROAD MORGAN CITY, LA 70380 TAXES OWED ARE $75.69 WITH INTEREST AND COST TO BE ADDED. Parcel#: 2860102625 Owner Pct:100% .505 AC. PORTION B OF LOT 2 OF LOT 17 OF PORTION E PER PLAT OF LOT 1 OF TRACT JULIA WILLE VERRET/TRACT, PLAT #106308 1627170 WARD 6 2960002601
PENNISON, ALEX JOSEPH, JR.
4262 BUZZARD ROOST ROAD MORGAN CITY, LA 70380 TAXES OWED ARE $1.09 WITH INTEREST AND COST TO BE ADDED. Owner Pct:3.3333% 32.32 AC. BEING AN ISLAND BETWEEN PIGUE BAYOU & MIDDLE PASS 1632580
PENNISON, RENE AUGUST HEIRS
C/O KIRK THIBODEAUX 127 CHENEVILLE STREET MORGAN CITY, LA 70380 TAXES OWED ARE $20.21 WITH INTEREST AND COST TO BE ADDED. Parcel#: 2950001641 Owner Pct:2.66% 80.00 AC. E/2 OF THE NE OF SEC. 35, T13S R12E Parcel#: 2950004031 Owner Pct:2.66% 160 AC. LOT 10 & THE NE OF THE SW/4 & THE E/2 OF THE NW OF SEC. 2, T14S R12E 1627460 WARD 6 2800124403
PERRA ROSA, LLC
(Continued on next page)
